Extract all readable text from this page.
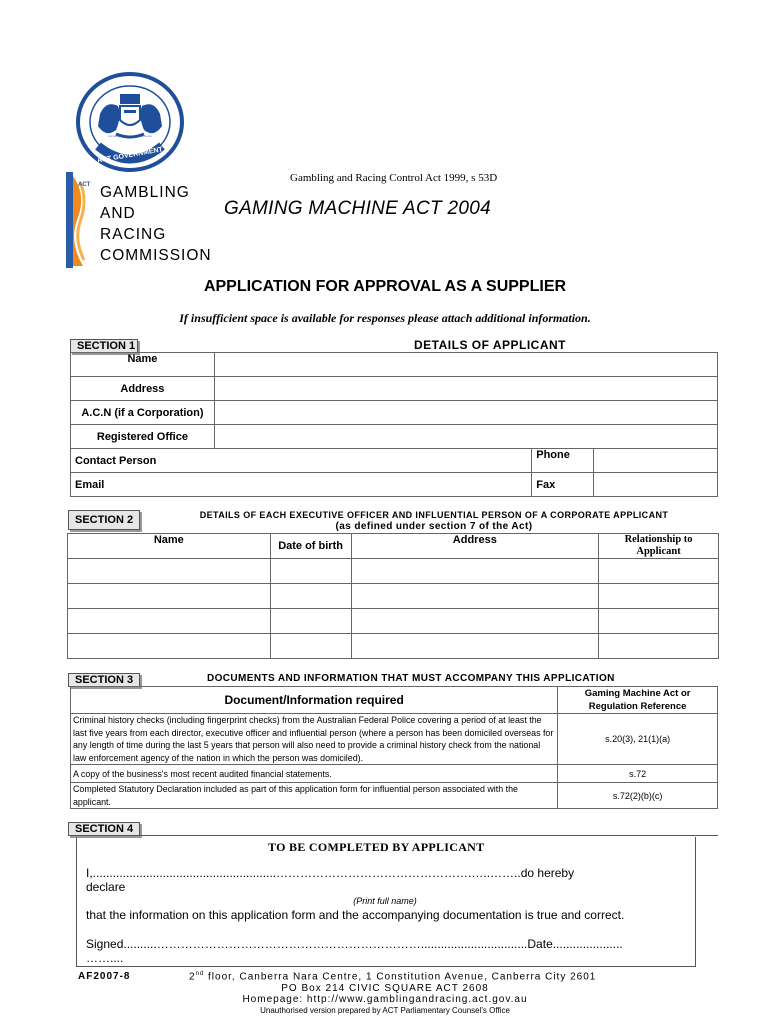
FOR THE QUEEN THE LAW AND THE PEOPLE
ACT GOVERNMENT
ACT GAMBLING
AND
RACING
COMMISSION
Gambling and Racing Control Act 1999, s 53D
GAMING MACHINE ACT 2004
APPLICATION FOR APPROVAL AS A SUPPLIER
If insufficient space is available for responses please attach additional information.
SECTION 1	DETAILS OF APPLICANT
Name			
Address			
A.C.N (if a Corporation)			
Registered Office			
Contact Person		Phone	
Email		Fax	
SECTION 2	DETAILS OF EACH EXECUTIVE OFFICER AND INFLUENTIAL PERSON OF A CORPORATE APPLICANT
(as defined under section 7 of the Act)
Name	Date of birth	Address	Relationship to Applicant

SECTION 3	DOCUMENTS AND INFORMATION THAT MUST ACCOMPANY THIS APPLICATION
Document/Information required	Gaming Machine Act or Regulation Reference
Criminal history checks (including fingerprint checks) from the Australian Federal Police covering a period of at least the last five years from each director, executive officer and influential person (where a person has been domiciled overseas for any length of time during the last 5 years that person will also need to provide a criminal history check from the national law enforcement agency of the nation in which the person was domiciled).	s.20(3), 21(1)(a)
A copy of the business's most recent audited financial statements.	s.72
Completed Statutory Declaration included as part of this application form for influential person associated with the applicant.	s.72(2)(b)(c)
SECTION 4
TO BE COMPLETED BY APPLICANT
I,.......................................................………………………………………….…..……..do hereby
declare
(Print full name)
that the information on this application form and the accompanying documentation is true and correct.
Signed..........…………………………………………………………................................Date.....................
……....
AF2007-8	2nd floor, Canberra Nara Centre, 1 Constitution Avenue, Canberra City 2601
PO Box 214 CIVIC SQUARE ACT 2608
Homepage: http://www.gamblingandracing.act.gov.au
Unauthorised version prepared by ACT Parliamentary Counsel's Office
